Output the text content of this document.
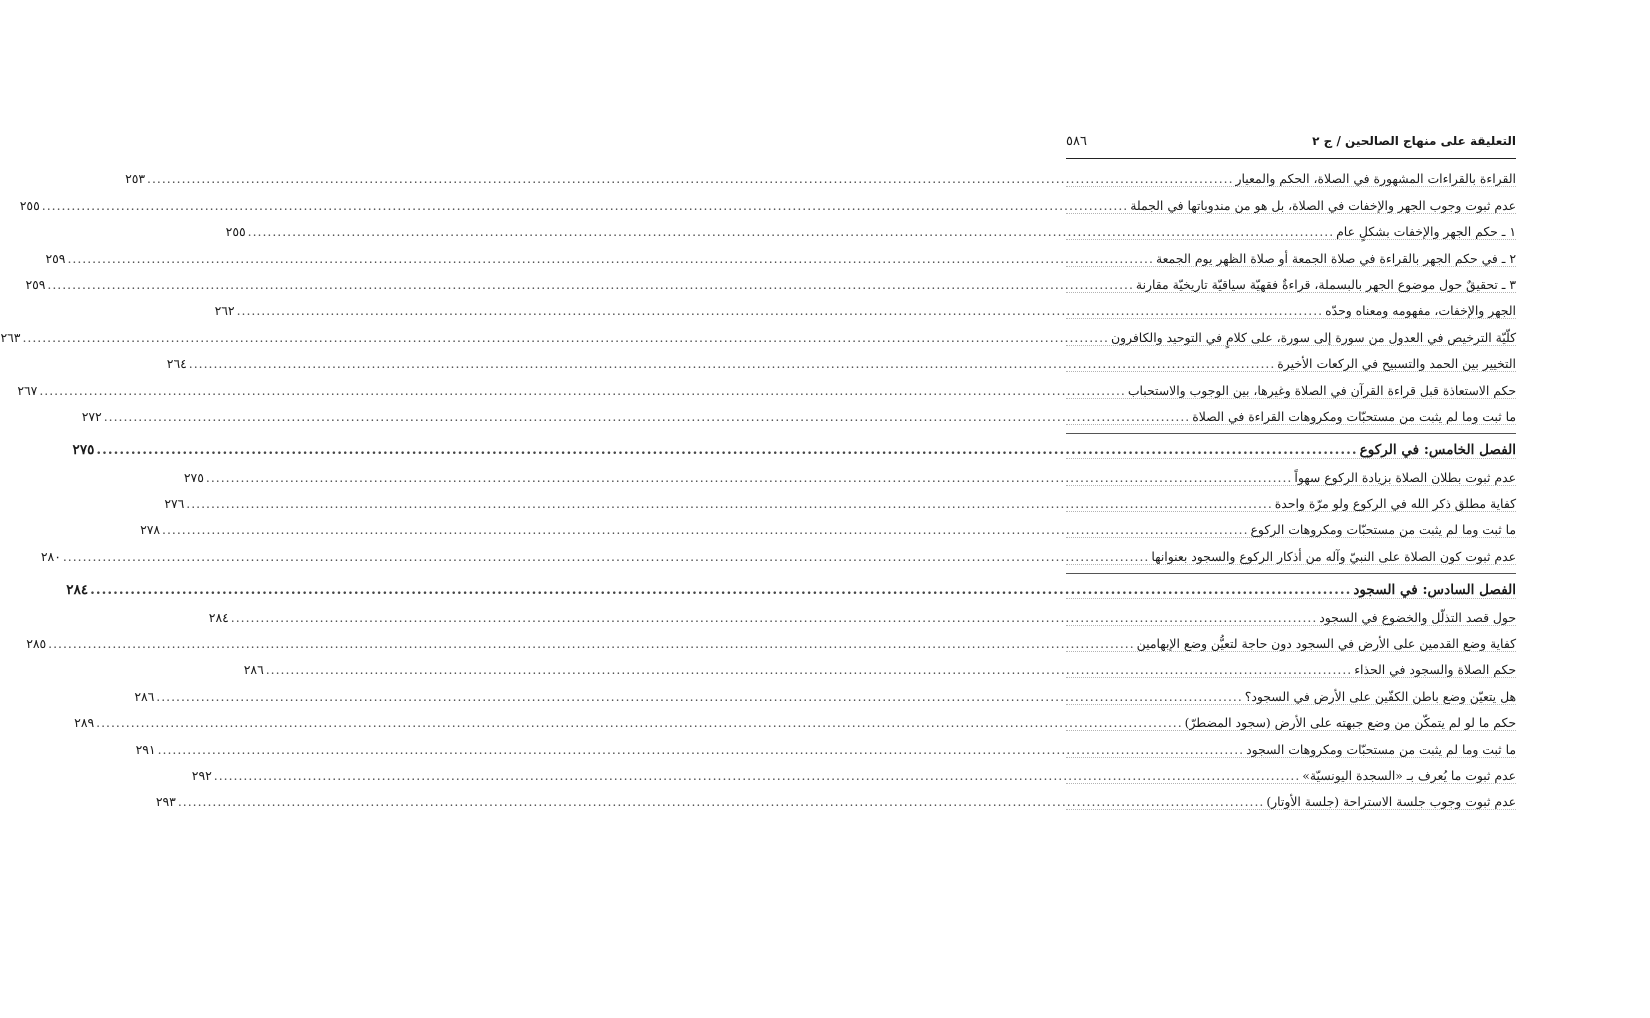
التعليقة على منهاج الصالحين / ج ٢
٥٨٦
القراءة بالقراءات المشهورة في الصلاة، الحكم والمعيار
.....
٢٥٣
عدم ثبوت وجوب الجهر والإخفات في الصلاة، بل هو من مندوباتها في الجملة
.....
٢٥٥
١ ـ حكم الجهر والإخفات بشكلٍ عام
.....
٢٥٥
٢ ـ في حكم الجهر بالقراءة في صلاة الجمعة أو صلاة الظهر يوم الجمعة
.....
٢٥٩
٣ ـ تحقيقٌ حول موضوع الجهر بالبسملة، قراءةٌ فقهيّة سياقيّة تاريخيّة مقارنة
.....
٢٥٩
الجهر والإخفات، مفهومه ومعناه وحدّه
.....
٢٦٢
كلّيّة الترخيص في العدول من سورة إلى سورة، على كلامٍ في التوحيد والكافرون
.....
٢٦٣
التخيير بين الحمد والتسبيح في الركعات الأخيرة
.....
٢٦٤
حكم الاستعاذة قبل قراءة القرآن في الصلاة وغيرها، بين الوجوب والاستحباب
.....
٢٦٧
ما ثبت وما لم يثبت من مستحبّات ومكروهات القراءة في الصلاة
.....
٢٧٢
الفصل الخامس: في الركوع
.....
٢٧٥
عدم ثبوت بطلان الصلاة بزيادة الركوع سهواً
.....
٢٧٥
كفاية مطلق ذكر الله في الركوع ولو مرّة واحدة
.....
٢٧٦
ما ثبت وما لم يثبت من مستحبّات ومكروهات الركوع
.....
٢٧٨
عدم ثبوت كون الصلاة على النبيّ وآله من أذكار الركوع والسجود بعنوانها
.....
٢٨٠
الفصل السادس: في السجود
.....
٢٨٤
حول قصد التذلّل والخضوع في السجود
.....
٢٨٤
كفاية وضع القدمين على الأرض في السجود دون حاجة لتعيُّن وضع الإبهامين
.....
٢٨٥
حكم الصلاة والسجود في الحذاء
.....
٢٨٦
هل يتعيّن وضع باطن الكفّين على الأرض في السجود؟
.....
٢٨٦
حكم ما لو لم يتمكّن من وضع جبهته على الأرض (سجود المضطرّ)
.....
٢٨٩
ما ثبت وما لم يثبت من مستحبّات ومكروهات السجود
.....
٢٩١
عدم ثبوت ما يُعرف بـ «السجدة اليونسيّة»
.....
٢٩٢
عدم ثبوت وجوب جلسة الاستراحة (جلسة الأوتار)
.....
٢٩٣
